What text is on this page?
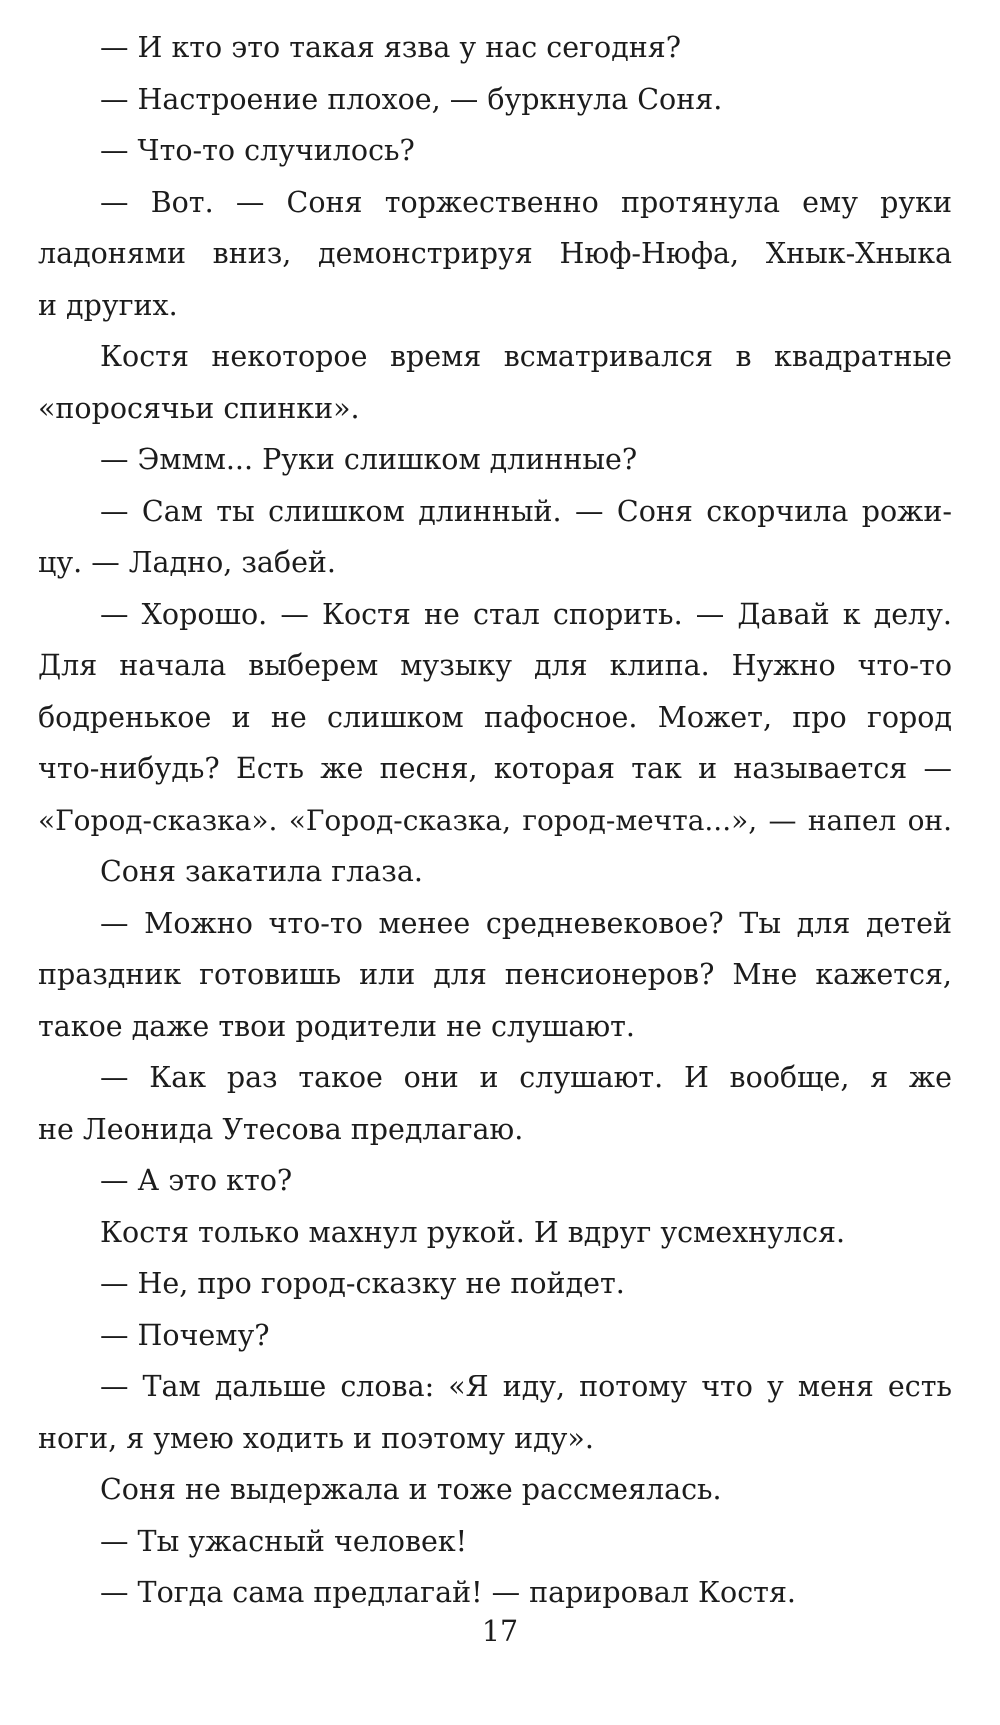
— И кто это такая язва у нас сегодня?
— Настроение плохое, — буркнула Соня.
— Что-то случилось?
— Вот. — Соня торжественно протянула ему руки
ладонями вниз, демонстрируя Нюф-Нюфа, Хнык-Хныка
и других.
Костя некоторое время всматривался в квадратные
«поросячьи спинки».
— Эммм... Руки слишком длинные?
— Сам ты слишком длинный. — Соня скорчила рожи-
цу. — Ладно, забей.
— Хорошо. — Костя не стал спорить. — Давай к делу.
Для начала выберем музыку для клипа. Нужно что-то
бодренькое и не слишком пафосное. Может, про город
что-нибудь? Есть же песня, которая так и называется —
«Город-сказка». «Город-сказка, город-мечта...», — напел он.
Соня закатила глаза.
— Можно что-то менее средневековое? Ты для детей
праздник готовишь или для пенсионеров? Мне кажется,
такое даже твои родители не слушают.
— Как раз такое они и слушают. И вообще, я же
не Леонида Утесова предлагаю.
— А это кто?
Костя только махнул рукой. И вдруг усмехнулся.
— Не, про город-сказку не пойдет.
— Почему?
— Там дальше слова: «Я иду, потому что у меня есть
ноги, я умею ходить и поэтому иду».
Соня не выдержала и тоже рассмеялась.
— Ты ужасный человек!
— Тогда сама предлагай! — парировал Костя.
17
